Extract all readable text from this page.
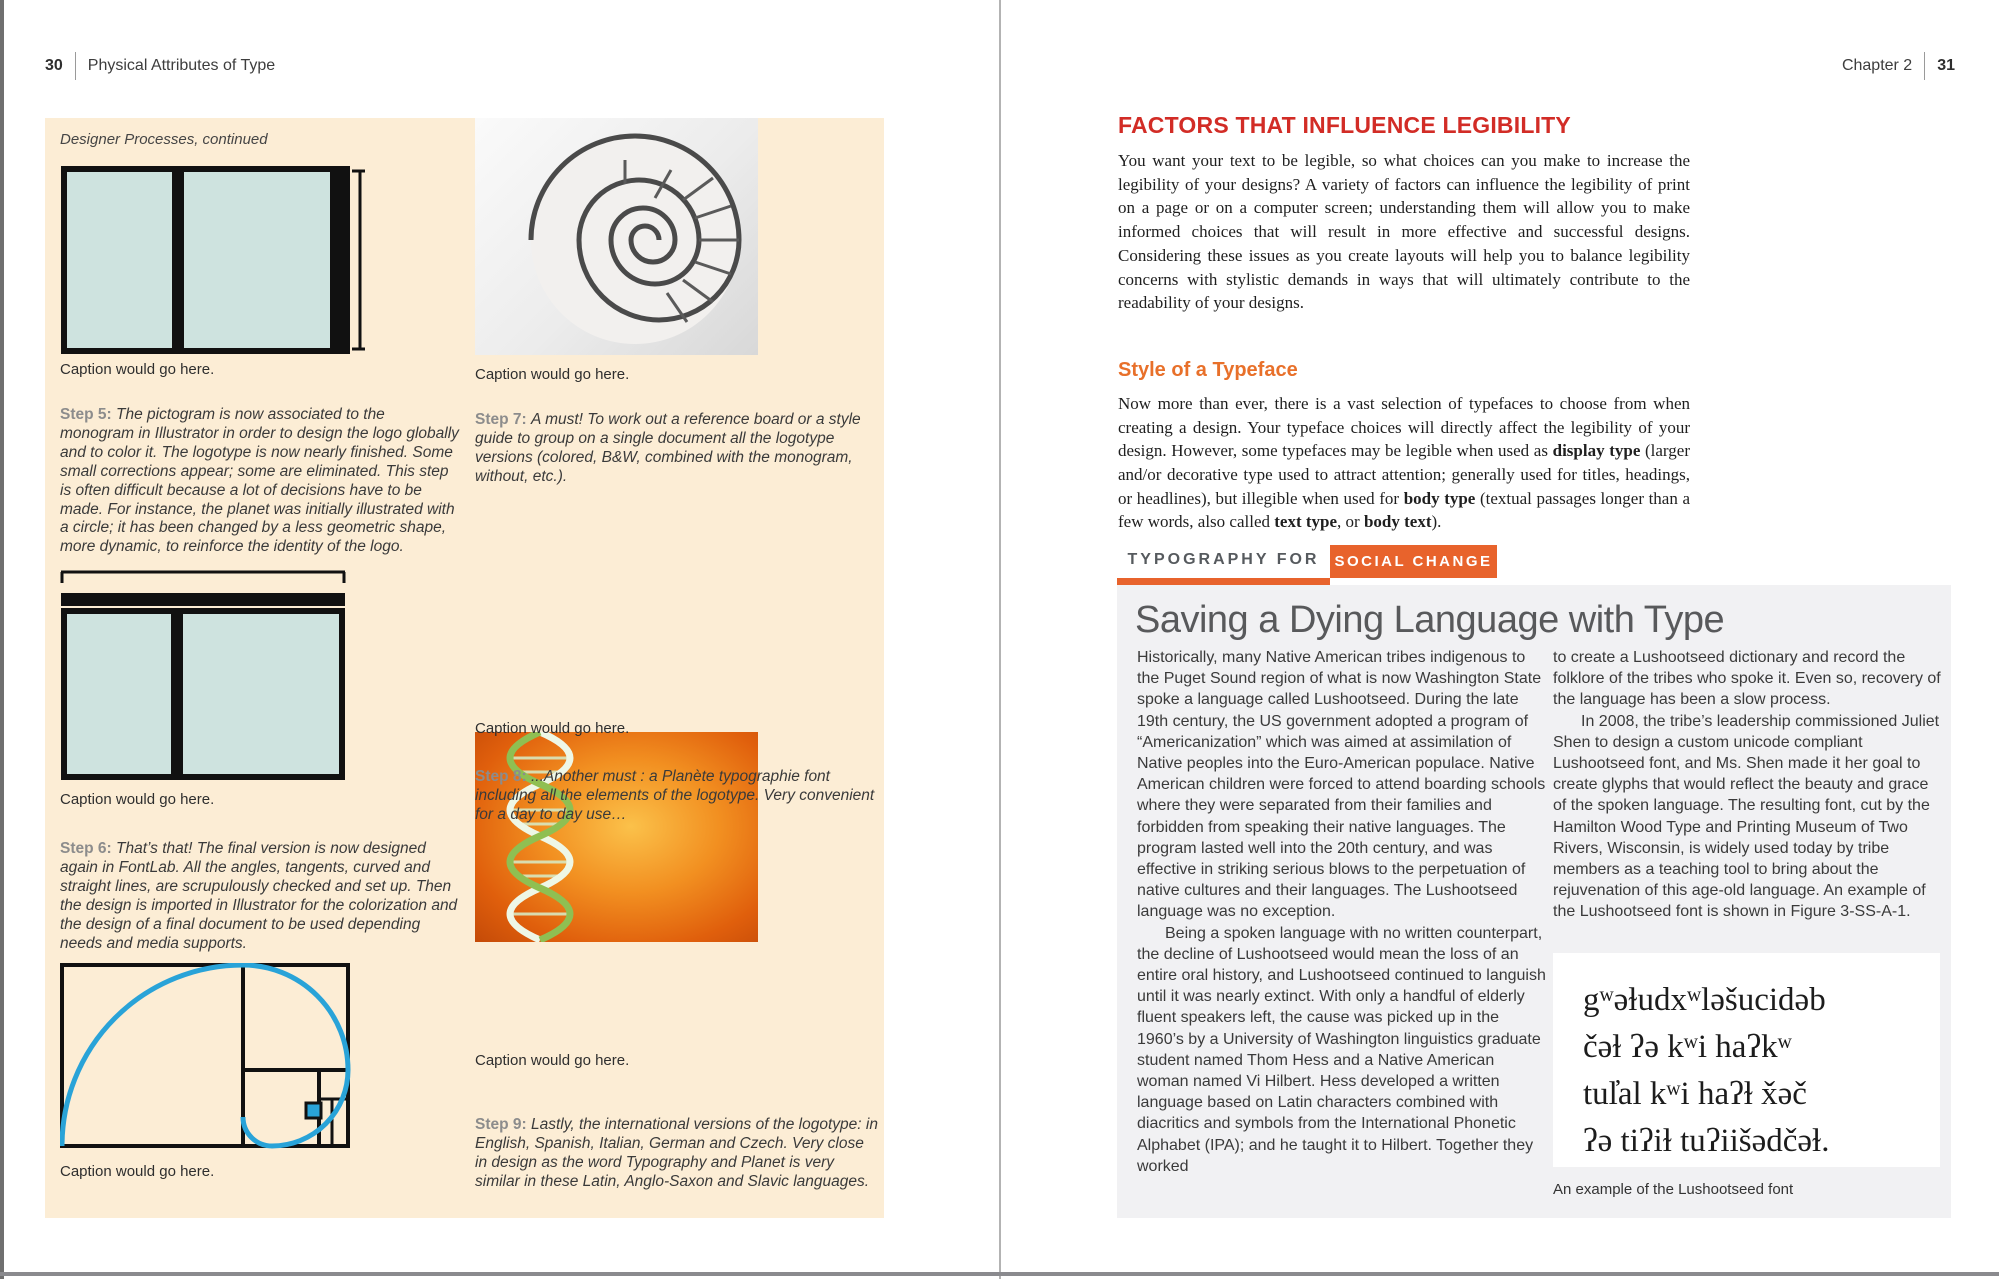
30 Physical Attributes of Type
Designer Processes, continued
Caption would go here.
Step 5: The pictogram is now associated to the monogram in Illustrator in order to design the logo globally and to color it. The logotype is now nearly finished. Some small corrections appear; some are eliminated. This step is often difficult because a lot of decisions have to be made. For instance, the planet was initially illustrated with a circle; it has been changed by a less geometric shape, more dynamic, to reinforce the identity of the logo.
Caption would go here.
Step 6: That’s that! The final version is now designed again in FontLab. All the angles, tangents, curved and straight lines, are scrupulously checked and set up. Then the design is imported in Illustrator for the colorization and the design of a final document to be used depending needs and media supports.
Caption would go here.
Caption would go here.
Step 7: A must! To work out a reference board or a style guide to group on a single document all the logotype versions (colored, B&W, combined with the monogram, without, etc.).
Caption would go here.
Step 8: ...Another must : a Planète typographie font including all the elements of the logotype. Very convenient for a day to day use…
Caption would go here.
Step 9: Lastly, the international versions of the logotype: in English, Spanish, Italian, German and Czech. Very close in design as the word Typography and Planet is very similar in these Latin, Anglo-Saxon and Slavic languages.
Chapter 2 31
FACTORS THAT INFLUENCE LEGIBILITY

You want your text to be legible, so what choices can you make to increase the legibility of your designs? A variety of factors can influence the legibility of print on a page or on a computer screen; understanding them will allow you to make informed choices that will result in more effective and successful designs. Considering these issues as you create layouts will help you to balance legibility concerns with stylistic demands in ways that will ultimately contribute to the readability of your designs.

Style of a Typeface

Now more than ever, there is a vast selection of typefaces to choose from when creating a design. Your typeface choices will directly affect the legibility of your design. However, some typefaces may be legible when used as display type (larger and/or decorative type used to attract attention; generally used for titles, headings, or headlines), but illegible when used for body type (textual passages longer than a few words, also called text type, or body text).

TYPOGRAPHY FOR SOCIAL CHANGE
Saving a Dying Language with Type

Historically, many Native American tribes indigenous to the Puget Sound region of what is now Washington State spoke a language called Lushootseed. During the late 19th century, the US government adopted a program of “Americanization” which was aimed at assimilation of Native peoples into the Euro-American populace. Native American children were forced to attend boarding schools where they were separated from their families and forbidden from speaking their native languages. The program lasted well into the 20th century, and was effective in striking serious blows to the perpetuation of native cultures and their languages. The Lushootseed language was no exception.

Being a spoken language with no written counterpart, the decline of Lushootseed would mean the loss of an entire oral history, and Lushootseed continued to languish until it was nearly extinct. With only a handful of elderly fluent speakers left, the cause was picked up in the 1960’s by a University of Washington linguistics graduate student named Thom Hess and a Native American woman named Vi Hilbert. Hess developed a written language based on Latin characters combined with diacritics and symbols from the International Phonetic Alphabet (IPA); and he taught it to Hilbert. Together they worked

to create a Lushootseed dictionary and record the folklore of the tribes who spoke it. Even so, recovery of the language has been a slow process.

In 2008, the tribe’s leadership commissioned Juliet Shen to design a custom unicode compliant Lushootseed font, and Ms. Shen made it her goal to create glyphs that would reflect the beauty and grace of the spoken language. The resulting font, cut by the Hamilton Wood Type and Printing Museum of Two Rivers, Wisconsin, is widely used today by tribe members as a teaching tool to bring about the rejuvenation of this age-old language. An example of the Lushootseed font is shown in Figure 3-SS-A-1.

gʷəɫudxʷləšucidəb
čəɫ ʔə kʷi haʔkʷ
tul̓al kʷi haʔɫ x̌əč
ʔə tiʔiɫ tuʔiišədčəɫ.
An example of the Lushootseed font
